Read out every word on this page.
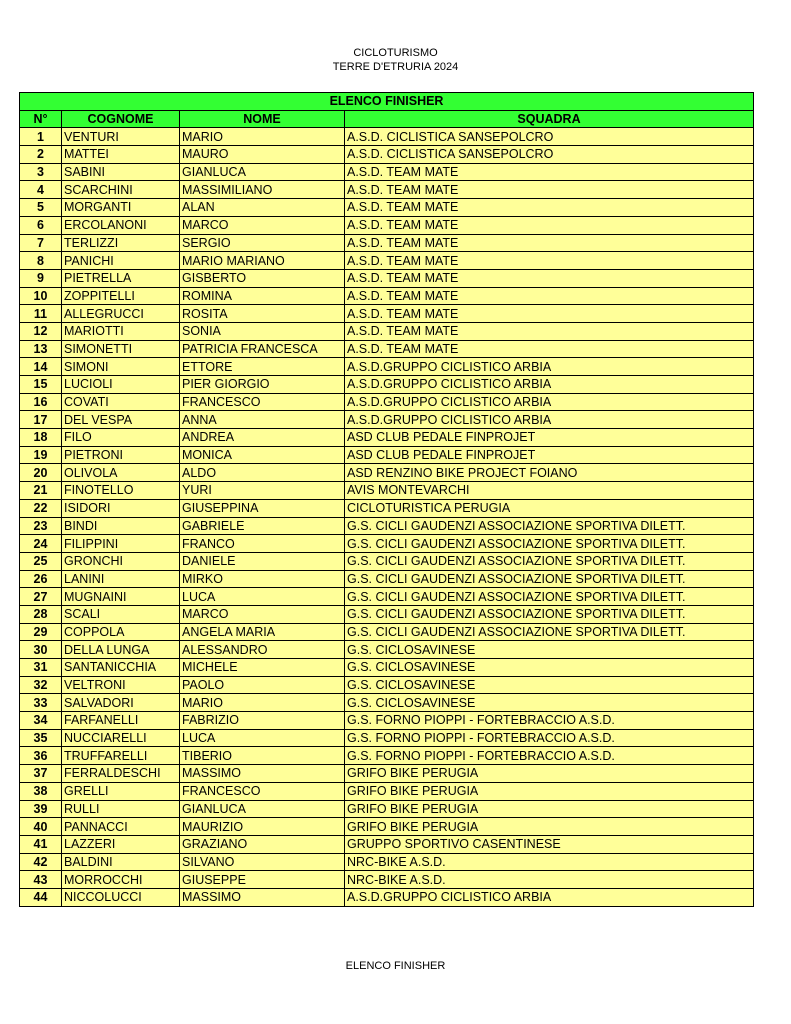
CICLOTURISMO
TERRE D'ETRURIA 2024
ELENCO FINISHER			
N°	COGNOME	NOME	SQUADRA
1	VENTURI	MARIO	A.S.D. CICLISTICA SANSEPOLCRO
2	MATTEI	MAURO	A.S.D. CICLISTICA SANSEPOLCRO
3	SABINI	GIANLUCA	A.S.D. TEAM MATE
4	SCARCHINI	MASSIMILIANO	A.S.D. TEAM MATE
5	MORGANTI	ALAN	A.S.D. TEAM MATE
6	ERCOLANONI	MARCO	A.S.D. TEAM MATE
7	TERLIZZI	SERGIO	A.S.D. TEAM MATE
8	PANICHI	MARIO MARIANO	A.S.D. TEAM MATE
9	PIETRELLA	GISBERTO	A.S.D. TEAM MATE
10	ZOPPITELLI	ROMINA	A.S.D. TEAM MATE
11	ALLEGRUCCI	ROSITA	A.S.D. TEAM MATE
12	MARIOTTI	SONIA	A.S.D. TEAM MATE
13	SIMONETTI	PATRICIA FRANCESCA	A.S.D. TEAM MATE
14	SIMONI	ETTORE	A.S.D.GRUPPO CICLISTICO ARBIA
15	LUCIOLI	PIER GIORGIO	A.S.D.GRUPPO CICLISTICO ARBIA
16	COVATI	FRANCESCO	A.S.D.GRUPPO CICLISTICO ARBIA
17	DEL VESPA	ANNA	A.S.D.GRUPPO CICLISTICO ARBIA
18	FILO	ANDREA	ASD CLUB PEDALE FINPROJET
19	PIETRONI	MONICA	ASD CLUB PEDALE FINPROJET
20	OLIVOLA	ALDO	ASD RENZINO BIKE PROJECT FOIANO
21	FINOTELLO	YURI	AVIS MONTEVARCHI
22	ISIDORI	GIUSEPPINA	CICLOTURISTICA PERUGIA
23	BINDI	GABRIELE	G.S. CICLI GAUDENZI ASSOCIAZIONE SPORTIVA DILETT.
24	FILIPPINI	FRANCO	G.S. CICLI GAUDENZI ASSOCIAZIONE SPORTIVA DILETT.
25	GRONCHI	DANIELE	G.S. CICLI GAUDENZI ASSOCIAZIONE SPORTIVA DILETT.
26	LANINI	MIRKO	G.S. CICLI GAUDENZI ASSOCIAZIONE SPORTIVA DILETT.
27	MUGNAINI	LUCA	G.S. CICLI GAUDENZI ASSOCIAZIONE SPORTIVA DILETT.
28	SCALI	MARCO	G.S. CICLI GAUDENZI ASSOCIAZIONE SPORTIVA DILETT.
29	COPPOLA	ANGELA MARIA	G.S. CICLI GAUDENZI ASSOCIAZIONE SPORTIVA DILETT.
30	DELLA LUNGA	ALESSANDRO	G.S. CICLOSAVINESE
31	SANTANICCHIA	MICHELE	G.S. CICLOSAVINESE
32	VELTRONI	PAOLO	G.S. CICLOSAVINESE
33	SALVADORI	MARIO	G.S. CICLOSAVINESE
34	FARFANELLI	FABRIZIO	G.S. FORNO PIOPPI - FORTEBRACCIO A.S.D.
35	NUCCIARELLI	LUCA	G.S. FORNO PIOPPI - FORTEBRACCIO A.S.D.
36	TRUFFARELLI	TIBERIO	G.S. FORNO PIOPPI - FORTEBRACCIO A.S.D.
37	FERRALDESCHI	MASSIMO	GRIFO BIKE PERUGIA
38	GRELLI	FRANCESCO	GRIFO BIKE PERUGIA
39	RULLI	GIANLUCA	GRIFO BIKE PERUGIA
40	PANNACCI	MAURIZIO	GRIFO BIKE PERUGIA
41	LAZZERI	GRAZIANO	GRUPPO SPORTIVO CASENTINESE
42	BALDINI	SILVANO	NRC-BIKE A.S.D.
43	MORROCCHI	GIUSEPPE	NRC-BIKE A.S.D.
44	NICCOLUCCI	MASSIMO	A.S.D.GRUPPO CICLISTICO ARBIA
ELENCO FINISHER
